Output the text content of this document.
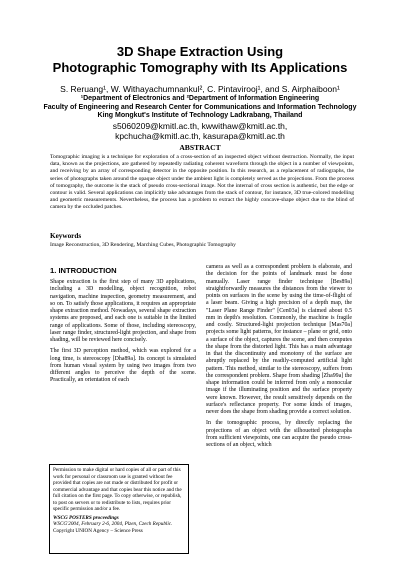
3D Shape Extraction Using
Photographic Tomography with Its Applications
S. Reruang¹, W. Withayachumnankul², C. Pintavirooj¹, and S. Airphaiboon¹
¹Department of Electronics and ²Department of Information Engineering
Faculty of Engineering and Research Center for Communications and Information Technology
King Mongkut's Institute of Technology Ladkrabang, Thailand
s5060209@kmitl.ac.th, kwwithaw@kmitl.ac.th,
kpchucha@kmitl.ac.th, kasurapa@kmitl.ac.th
ABSTRACT
Tomographic imaging is a technique for exploration of a cross-section of an inspected object without destruction. Normally, the input data, known as the projections, are gathered by repeatedly radiating coherent waveform through the object in a number of viewpoints, and receiving by an array of corresponding detector in the opposite position. In this research, as a replacement of radiographs, the series of photographs taken around the opaque object under the ambient light is completely served as the projections. From the process of tomography, the outcome is the stack of pseudo cross-sectional image. Not the internal of cross section is authentic, but the edge or contour is valid. Several applications can implicitly take advantages from the stack of contour, for instance, 3D true-colored modelling and geometric measurements. Nevertheless, the process has a problem to extract the highly concave-shape object due to the blind of camera by the occluded patches.
Keywords
Image Reconstruction, 3D Rendering, Marching Cubes, Photographic Tomography
1. INTRODUCTION

Shape extraction is the first step of many 3D applications, including a 3D modelling, object recognition, robot navigation, machine inspection, geometry measurement, and so on. To satisfy those applications, it requires an appropriate shape extraction method. Nowadays, several shape extraction systems are proposed, and each one is suitable in the limited range of applications. Some of those, including stereoscopy, laser range finder, structured-light projection, and shape from shading, will be reviewed here concisely.

The first 3D perception method, which was explored for a long time, is stereoscopy [Dha89a]. Its concept is simulated from human visual system by using two images from two different angles to perceive the depth of the scene. Practically, an orientation of each

Permission to make digital or hard copies of all or part of this work for personal or classroom use is granted without fee provided that copies are not made or distributed for profit or commercial advantage and that copies bear this notice and the full citation on the first page. To copy otherwise, or republish, to post on servers or to redistribute to lists, requires prior specific permission and/or a fee.

WSCG POSTERS proceedings

WSCG'2004, February 2-6, 2004, Plzen, Czech Republic.

Copyright UNION Agency – Science Press

camera as well as a correspondent problem is elaborate, and the decision for the points of landmark must be done manually. Laser range finder technique [Bes89a] straightforwardly measures the distances from the viewer to points on surfaces in the scene by using the time-of-flight of a laser beam. Giving a high precision of a depth map, the "Laser Plane Range Finder" [Cen03a] is claimed about 0.5 mm in depth's resolution. Commonly, the machine is fragile and costly. Structured-light projection technique [Mas70a] projects some light patterns, for instance – plane or grid, onto a surface of the object, captures the scene, and then computes the shape from the distorted light. This has a main advantage in that the discontinuity and monotony of the surface are abruptly replaced by the readily-computed artificial light pattern. This method, similar to the stereoscopy, suffers from the correspondent problem. Shape from shading [Zha99a] the shape information could be inferred from only a monocular image if the illuminating position and the surface property were known. However, the result sensitively depends on the surface's reflectance property. For some kinds of images, never does the shape from shading provide a correct solution.

In the tomographic process, by directly replacing the projections of an object with the silhouetted photographs from sufficient viewpoints, one can acquire the pseudo cross-sections of an object, which
